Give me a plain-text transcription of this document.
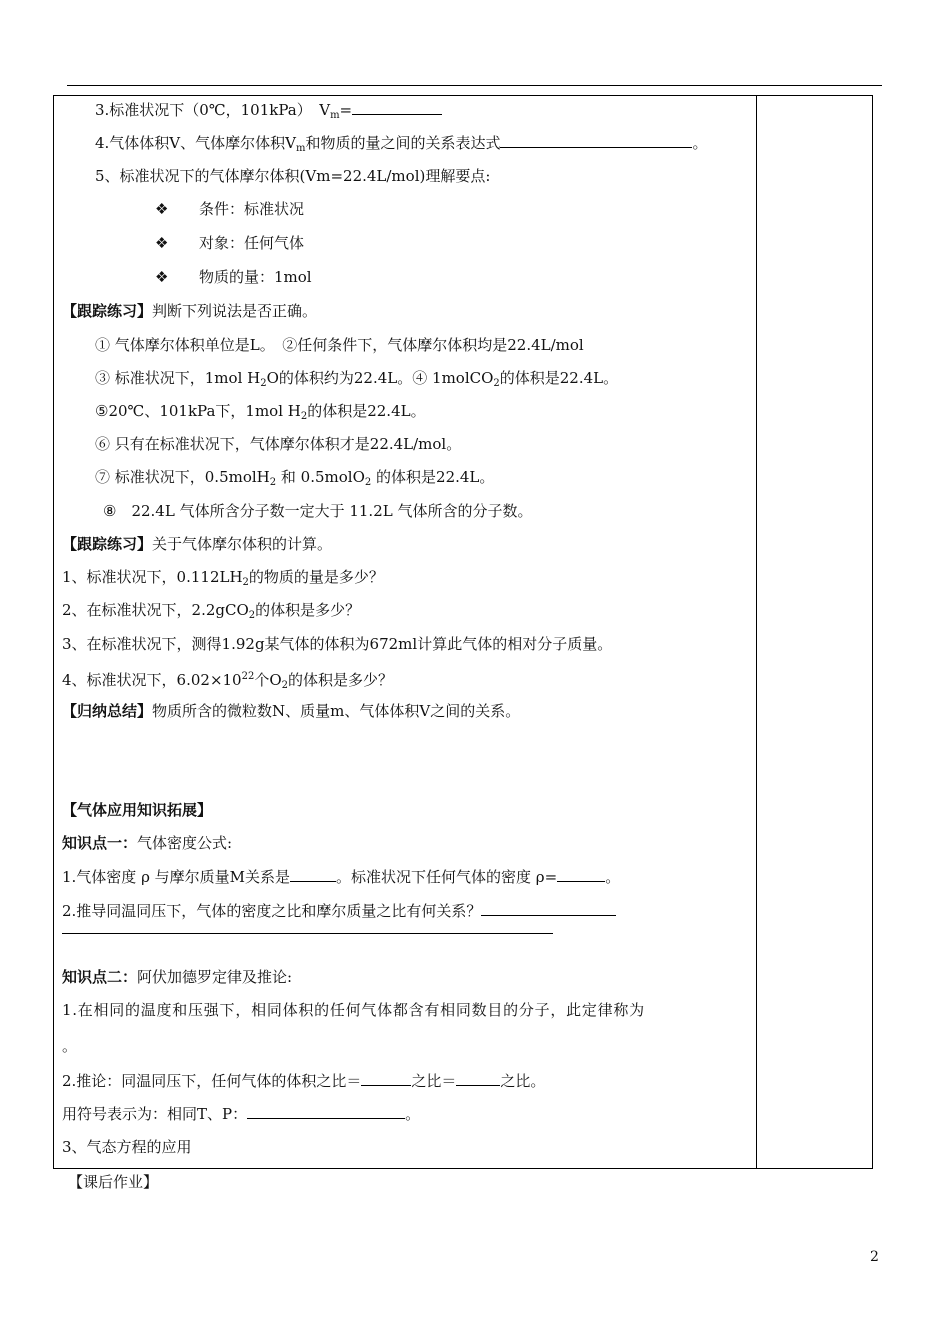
3.标准状况下（0℃，101kPa）　$V_m=$
4.气体体积V、气体摩尔体积$V_m$和物质的量之间的关系表达式	。
5、标准状况下的气体摩尔体积(Vm=22.4L/mol)理解要点:
❖ 条件：标准状况
❖ 对象：任何气体
❖ 物质的量：1mol
【跟踪练习】判断下列说法是否正确。
① 气体摩尔体积单位是L。　②任何条件下，气体摩尔体积均是22.4L/mol
③ 标准状况下，1mol $H_2O$的体积约为22.4L。④ 1molCO$_2$的体积是22.4L。
⑤20℃、101kPa下，1mol $H_2$的体积是22.4L。
⑥ 只有在标准状况下，气体摩尔体积才是22.4L/mol。
⑦ 标准状况下，0.5molH$_2$ 和 0.5molO$_2$ 的体积是22.4L。
⑧　22.4L 气体所含分子数一定大于 11.2L 气体所含的分子数。
【跟踪练习】关于气体摩尔体积的计算。
1、标准状况下，$0.112LH_2$的物质的量是多少？
2、在标准状况下，2.2gCO$_2$的体积是多少？
3、在标准状况下，测得1.92g某气体的体积为672ml计算此气体的相对分子质量。
4、标准状况下，$6.02\times 10^{22}$个$O_2$的体积是多少？
【归纳总结】物质所含的微粒数N、质量m、气体体积V之间的关系。
【气体应用知识拓展】
知识点一：气体密度公式:
1.气体密度 ρ 与摩尔质量M关系是	。标准状况下任何气体的密度 ρ=	。
2.推导同温同压下，气体的密度之比和摩尔质量之比有何关系？
知识点二：阿伏加德罗定律及推论:
1.在相同的温度和压强下，相同体积的任何气体都含有相同数目的分子，此定律称为
。
2.推论：同温同压下，任何气体的体积之比＝	之比＝	之比。
用符号表示为：相同T、P：	。
3、气态方程的应用
【课后作业】
2
